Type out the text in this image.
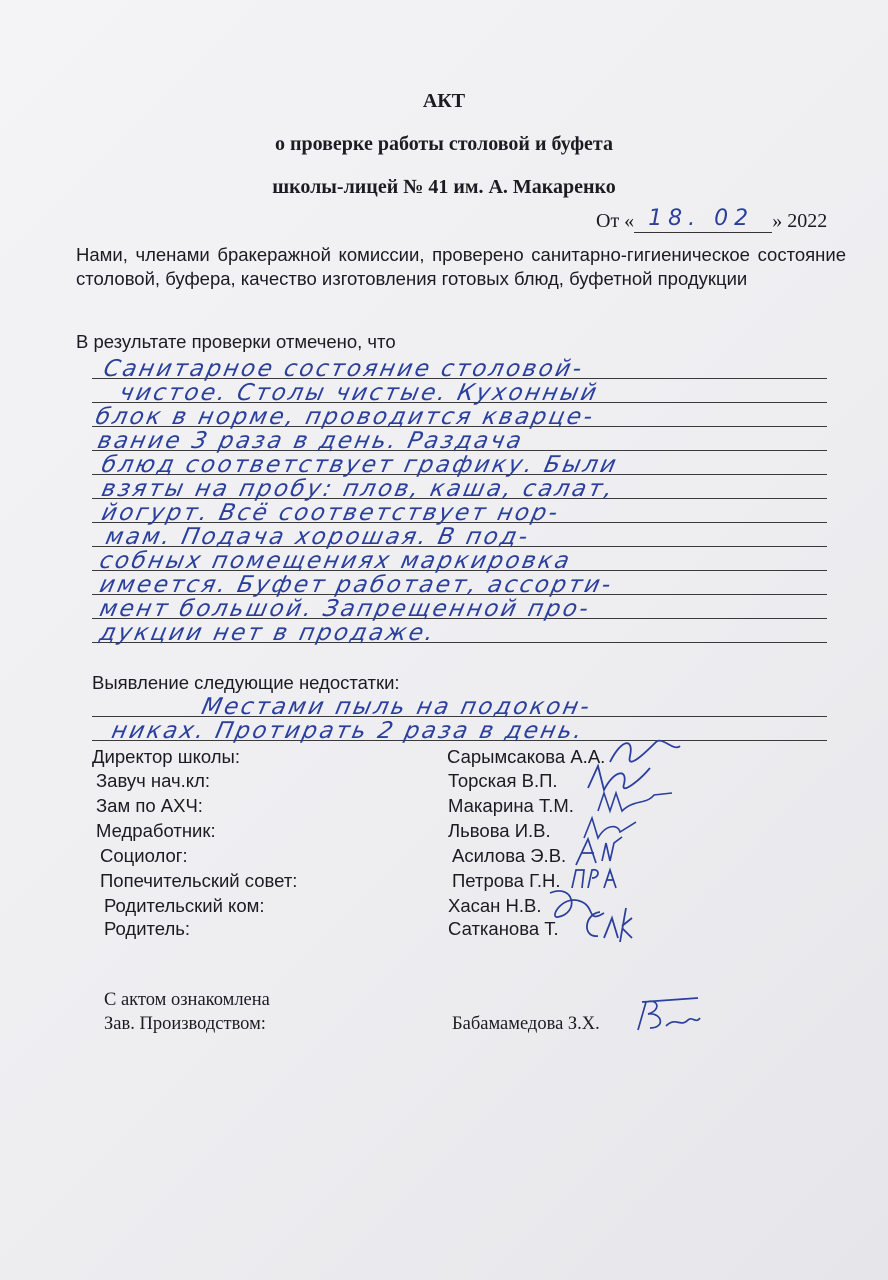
АКТ
о проверке работы столовой и буфета
школы-лицей № 41 им. А. Макаренко
От « 18. 02 » 2022
Нами, членами бракеражной комиссии, проверено санитарно-гигиеническое состояние столовой, буфера, качество изготовления готовых блюд, буфетной продукции
В результате проверки отмечено, что
Санитарное состояние столовой-
чистое. Столы чистые. Кухонный
блок в норме, проводится кварце-
вание 3 раза в день. Раздача
блюд соответствует графику. Были
взяты на пробу: плов, каша, салат,
йогурт. Всё соответствует нор-
мам. Подача хорошая. В под-
собных помещениях маркировка
имеется. Буфет работает, ассорти-
мент большой. Запрещенной про-
дукции нет в продаже.
Выявление следующие недостатки:
Местами пыль на подокон-
никах. Протирать 2 раза в день.
Директор школы:	Сарымсакова А.А.
Завуч нач.кл:	Торская В.П.
Зам по АХЧ:	Макарина Т.М.
Медработник:	Львова И.В.
Социолог:	Асилова Э.В.
Попечительский совет:	Петрова Г.Н.
Родительский ком:	Хасан Н.В.
Родитель:	Сатканова Т.
С актом ознакомлена
Зав. Производством:	Бабамамедова З.Х.
